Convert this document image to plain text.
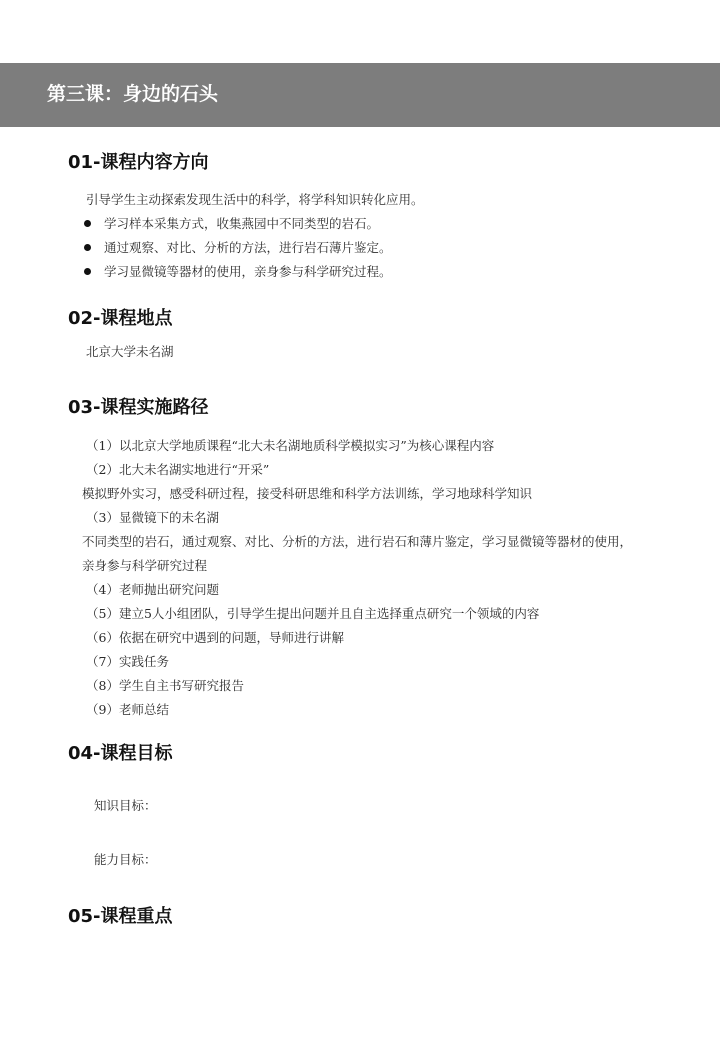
第三课：身边的石头
01-课程内容方向
引导学生主动探索发现生活中的科学，将学科知识转化应用。
学习样本采集方式，收集燕园中不同类型的岩石。
通过观察、对比、分析的方法，进行岩石薄片鉴定。
学习显微镜等器材的使用，亲身参与科学研究过程。
02-课程地点
北京大学未名湖
03-课程实施路径
（1）以北京大学地质课程“北大未名湖地质科学模拟实习”为核心课程内容
（2）北大未名湖实地进行“开采”
模拟野外实习，感受科研过程，接受科研思维和科学方法训练，学习地球科学知识
（3）显微镜下的未名湖
不同类型的岩石，通过观察、对比、分析的方法，进行岩石和薄片鉴定，学习显微镜等器材的使用，
亲身参与科学研究过程
（4）老师抛出研究问题
（5）建立5人小组团队，引导学生提出问题并且自主选择重点研究一个领域的内容
（6）依据在研究中遇到的问题，导师进行讲解
（7）实践任务
（8）学生自主书写研究报告
（9）老师总结
04-课程目标
知识目标：
能力目标：
05-课程重点
